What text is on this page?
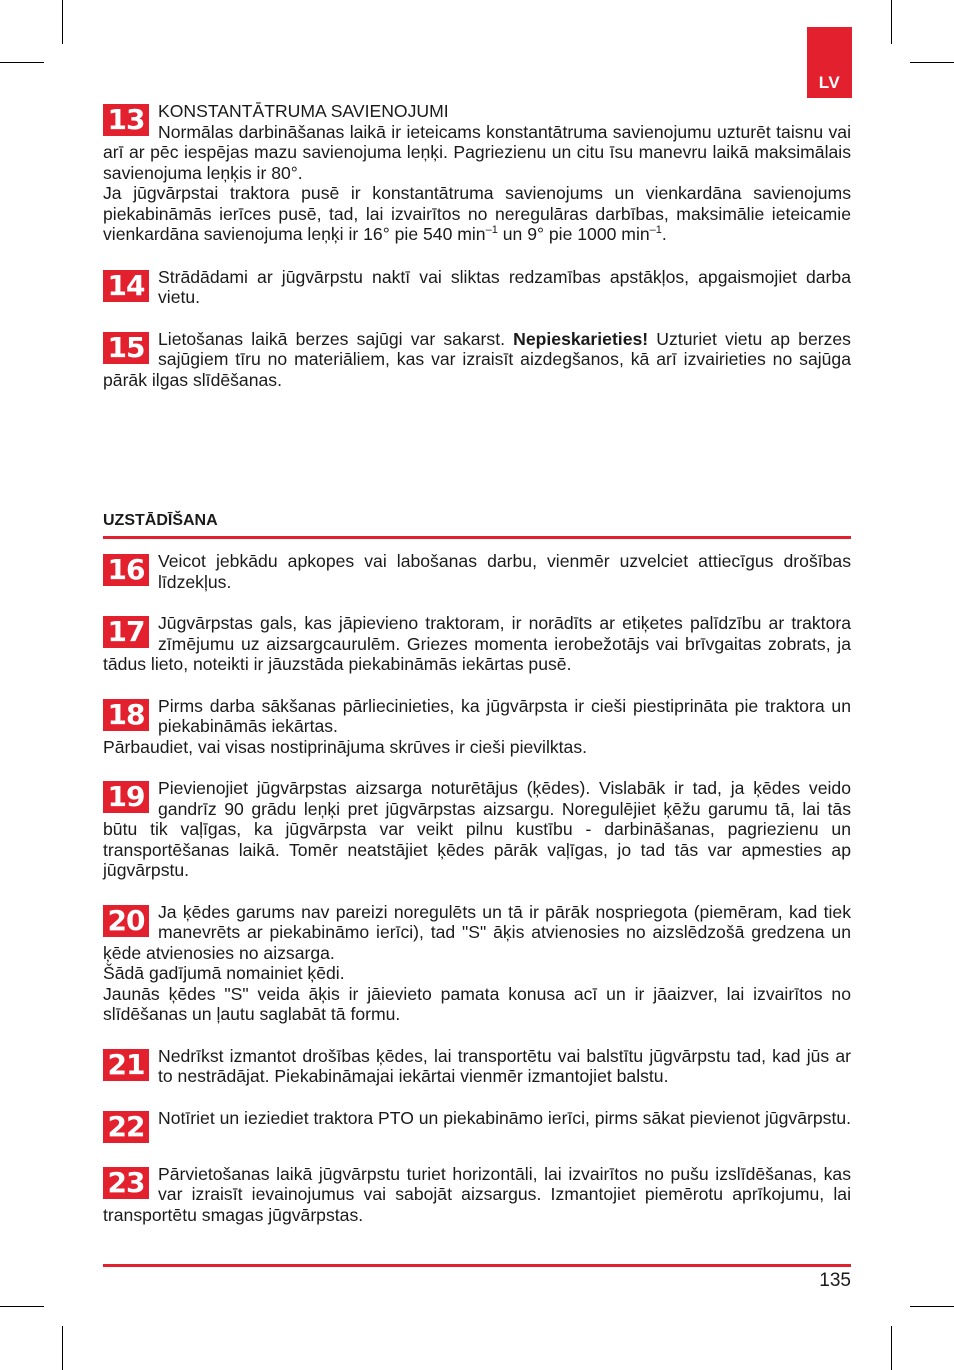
LV
13 KONSTANTĀTRUMA SAVIENOJUMI

Normālas darbināšanas laikā ir ieteicams konstantātruma savienojumu uzturēt taisnu vai arī ar pēc iespējas mazu savienojuma leņķi. Pagriezienu un citu īsu manevru laikā maksimālais savienojuma leņķis ir 80°.

Ja jūgvārpstai traktora pusē ir konstantātruma savienojums un vienkardāna savienojums piekabināmās ierīces pusē, tad, lai izvairītos no neregulāras darbības, maksimālie ieteicamie vienkardāna savienojuma leņķi ir 16° pie 540 $\min^{-1}$ un 9° pie 1000 $\min^{-1}$.

14 Strādādami ar jūgvārpstu naktī vai sliktas redzamības apstākļos, apgaismojiet darba vietu.

15 Lietošanas laikā berzes sajūgi var sakarst. Nepieskarieties! Uzturiet vietu ap berzes sajūgiem tīru no materiāliem, kas var izraisīt aizdegšanos, kā arī izvairieties no sajūga pārāk ilgas slīdēšanas.

UZSTĀDĪŠANA
16 Veicot jebkādu apkopes vai labošanas darbu, vienmēr uzvelciet attiecīgus drošības līdzekļus.

17 Jūgvārpstas gals, kas jāpievieno traktoram, ir norādīts ar etiķetes palīdzību ar traktora zīmējumu uz aizsargcaurulēm. Griezes momenta ierobežotājs vai brīvgaitas zobrats, ja tādus lieto, noteikti ir jāuzstāda piekabināmās iekārtas pusē.

18 Pirms darba sākšanas pārliecinieties, ka jūgvārpsta ir cieši piestiprināta pie traktora un piekabināmās iekārtas.

Pārbaudiet, vai visas nostiprinājuma skrūves ir cieši pievilktas.

19 Pievienojiet jūgvārpstas aizsarga noturētājus (ķēdes). Vislabāk ir tad, ja ķēdes veido gandrīz 90 grādu leņķi pret jūgvārpstas aizsargu. Noregulējiet ķēžu garumu tā, lai tās būtu tik vaļīgas, ka jūgvārpsta var veikt pilnu kustību - darbināšanas, pagriezienu un transportēšanas laikā. Tomēr neatstājiet ķēdes pārāk vaļīgas, jo tad tās var apmesties ap jūgvārpstu.

20 Ja ķēdes garums nav pareizi noregulēts un tā ir pārāk nospriegota (piemēram, kad tiek manevrēts ar piekabināmo ierīci), tad "S" āķis atvienosies no aizslēdzošā gredzena un ķēde atvienosies no aizsarga.

Šādā gadījumā nomainiet ķēdi.

Jaunās ķēdes "S" veida āķis ir jāievieto pamata konusa acī un ir jāaizver, lai izvairītos no slīdēšanas un ļautu saglabāt tā formu.

21 Nedrīkst izmantot drošības ķēdes, lai transportētu vai balstītu jūgvārpstu tad, kad jūs ar to nestrādājat. Piekabināmajai iekārtai vienmēr izmantojiet balstu.

22 Notīriet un ieziediet traktora PTO un piekabināmo ierīci, pirms sākat pievienot jūgvārpstu.

23 Pārvietošanas laikā jūgvārpstu turiet horizontāli, lai izvairītos no pušu izslīdēšanas, kas var izraisīt ievainojumus vai sabojāt aizsargus. Izmantojiet piemērotu aprīkojumu, lai transportētu smagas jūgvārpstas.

135
